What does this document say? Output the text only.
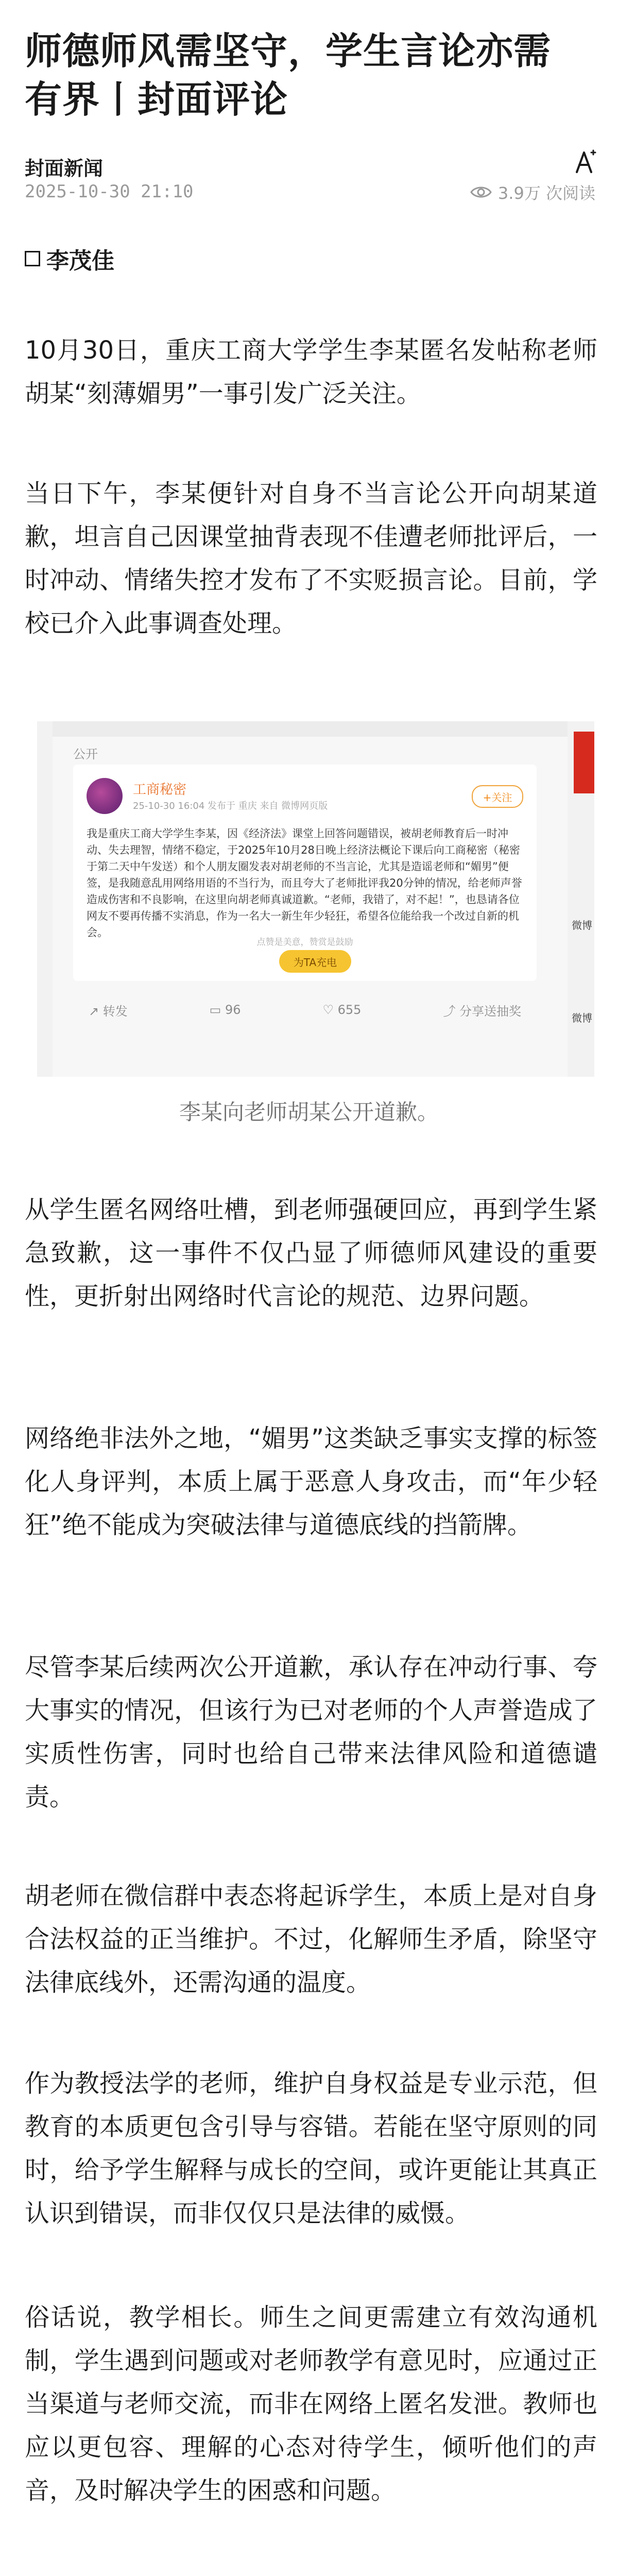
师德师风需坚守，学生言论亦需有界丨封面评论
封面新闻
2025-10-30 21:10	3.9万 次阅读
李茂佳

10月30日，重庆工商大学学生李某匿名发帖称老师胡某“刻薄媚男”一事引发广泛关注。

当日下午，李某便针对自身不当言论公开向胡某道歉，坦言自己因课堂抽背表现不佳遭老师批评后，一时冲动、情绪失控才发布了不实贬损言论。目前，学校已介入此事调查处理。

公开
工商秘密
25-10-30 16:04 发布于 重庆 来自 微博网页版
+关注

我是重庆工商大学学生李某，因《经济法》课堂上回答问题错误，被胡老师教育后一时冲动、失去理智，情绪不稳定，于2025年10月28日晚上经济法概论下课后向工商秘密（秘密于第二天中午发送）和个人朋友圈发表对胡老师的不当言论，尤其是造谣老师和“媚男”便签，是我随意乱用网络用语的不当行为，而且夸大了老师批评我20分钟的情况，给老师声誉造成伤害和不良影响，在这里向胡老师真诚道歉。“老师，我错了，对不起！”，也恳请各位网友不要再传播不实消息，作为一名大一新生年少轻狂，希望各位能给我一个改过自新的机会。

点赞是美意，赞赏是鼓励
为TA充电
↗ 转发	▭ 96	♡ 655	⤴ 分享送抽奖
微博
微博
李某向老师胡某公开道歉。

从学生匿名网络吐槽，到老师强硬回应，再到学生紧急致歉，这一事件不仅凸显了师德师风建设的重要性，更折射出网络时代言论的规范、边界问题。

网络绝非法外之地，“媚男”这类缺乏事实支撑的标签化人身评判，本质上属于恶意人身攻击，而“年少轻狂”绝不能成为突破法律与道德底线的挡箭牌。

尽管李某后续两次公开道歉，承认存在冲动行事、夸大事实的情况，但该行为已对老师的个人声誉造成了实质性伤害，同时也给自己带来法律风险和道德谴责。

胡老师在微信群中表态将起诉学生，本质上是对自身合法权益的正当维护。不过，化解师生矛盾，除坚守法律底线外，还需沟通的温度。

作为教授法学的老师，维护自身权益是专业示范，但教育的本质更包含引导与容错。若能在坚守原则的同时，给予学生解释与成长的空间，或许更能让其真正认识到错误，而非仅仅只是法律的威慑。

俗话说，教学相长。师生之间更需建立有效沟通机制，学生遇到问题或对老师教学有意见时，应通过正当渠道与老师交流，而非在网络上匿名发泄。教师也应以更包容、理解的心态对待学生，倾听他们的声音，及时解决学生的困惑和问题。
